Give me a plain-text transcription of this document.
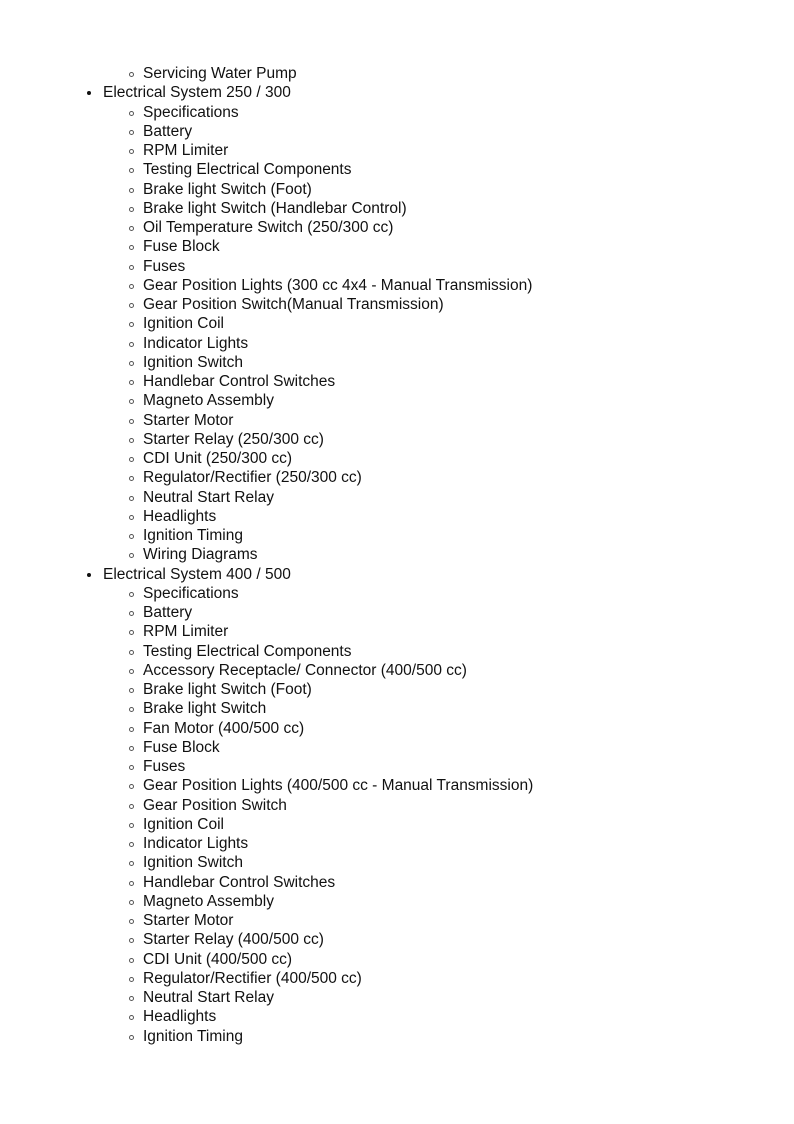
Servicing Water Pump
Electrical System 250 / 300
Specifications
Battery
RPM Limiter
Testing Electrical Components
Brake light Switch (Foot)
Brake light Switch (Handlebar Control)
Oil Temperature Switch (250/300 cc)
Fuse Block
Fuses
Gear Position Lights (300 cc 4x4 - Manual Transmission)
Gear Position Switch(Manual Transmission)
Ignition Coil
Indicator Lights
Ignition Switch
Handlebar Control Switches
Magneto Assembly
Starter Motor
Starter Relay (250/300 cc)
CDI Unit (250/300 cc)
Regulator/Rectifier (250/300 cc)
Neutral Start Relay
Headlights
Ignition Timing
Wiring Diagrams
Electrical System 400 / 500
Specifications
Battery
RPM Limiter
Testing Electrical Components
Accessory Receptacle/ Connector (400/500 cc)
Brake light Switch (Foot)
Brake light Switch
Fan Motor (400/500 cc)
Fuse Block
Fuses
Gear Position Lights (400/500 cc - Manual Transmission)
Gear Position Switch
Ignition Coil
Indicator Lights
Ignition Switch
Handlebar Control Switches
Magneto Assembly
Starter Motor
Starter Relay (400/500 cc)
CDI Unit (400/500 cc)
Regulator/Rectifier (400/500 cc)
Neutral Start Relay
Headlights
Ignition Timing
